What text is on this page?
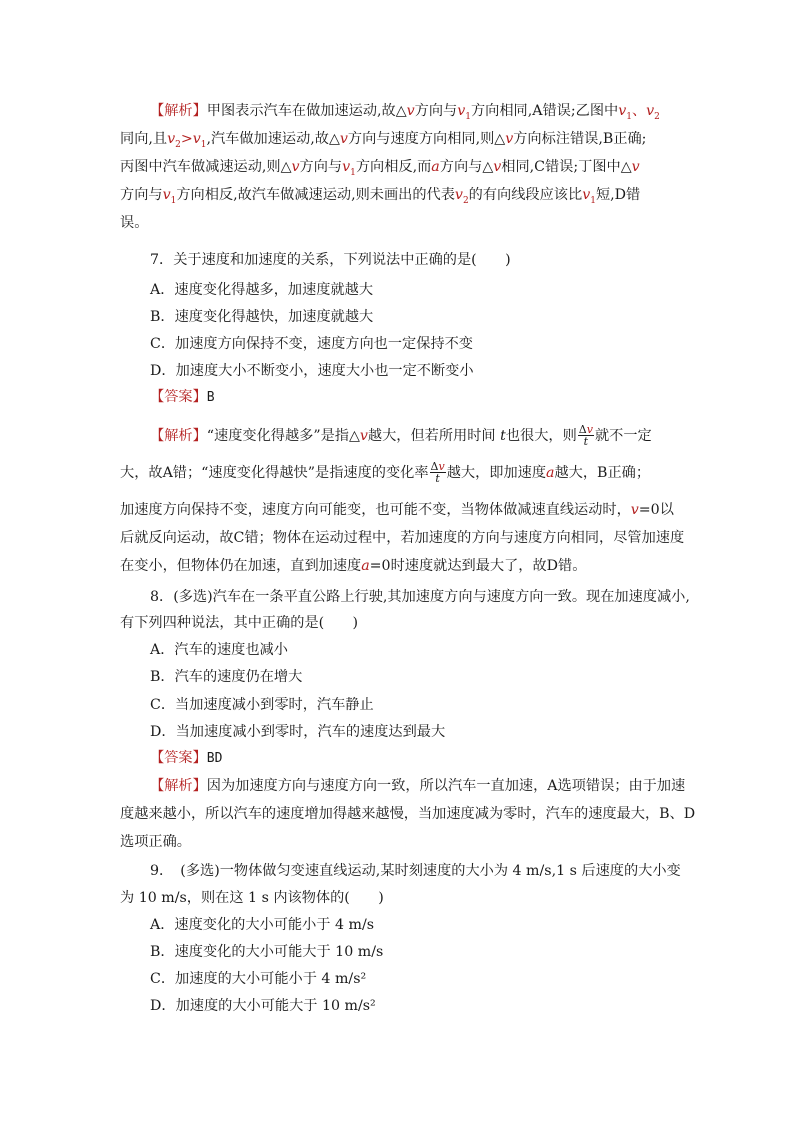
【解析】甲图表示汽车在做加速运动,故△v方向与$v_1$方向相同,A错误;乙图中$v_1$、$v_2$
同向,且$v_2>v_1$,汽车做加速运动,故△v方向与速度方向相同,则△v方向标注错误,B正确;
丙图中汽车做减速运动,则△v方向与$v_1$方向相反,而a方向与△v相同,C错误;丁图中△v
方向与$v_1$方向相反,故汽车做减速运动,则未画出的代表$v_2$的有向线段应该比$v_1$短,D错
误。
7．关于速度和加速度的关系，下列说法中正确的是(　　)
A．速度变化得越多，加速度就越大
B．速度变化得越快，加速度就越大
C．加速度方向保持不变，速度方向也一定保持不变
D．加速度大小不断变小，速度大小也一定不断变小
【答案】B
【解析】“速度变化得越多”是指△v越大，但若所用时间 t也很大，则 $\frac{\Delta v}{t}$ 就不一定
大，故A错；“速度变化得越快”是指速度的变化率 $\frac{\Delta v}{t}$ 越大，即加速度a越大，B正确；
加速度方向保持不变，速度方向可能变，也可能不变，当物体做减速直线运动时，v=0以
后就反向运动，故C错；物体在运动过程中，若加速度的方向与速度方向相同，尽管加速度
在变小，但物体仍在加速，直到加速度a=0时速度就达到最大了，故D错。
8．(多选)汽车在一条平直公路上行驶,其加速度方向与速度方向一致。现在加速度减小,
有下列四种说法，其中正确的是(　　)
A．汽车的速度也减小
B．汽车的速度仍在增大
C．当加速度减小到零时，汽车静止
D．当加速度减小到零时，汽车的速度达到最大
【答案】BD
【解析】因为加速度方向与速度方向一致，所以汽车一直加速，A选项错误；由于加速
度越来越小，所以汽车的速度增加得越来越慢，当加速度减为零时，汽车的速度最大，B、D
选项正确。
9．　(多选)一物体做匀变速直线运动,某时刻速度的大小为 4 m/s,1 s 后速度的大小变
为 10 m/s，则在这 1 s 内该物体的(　　)
A．速度变化的大小可能小于 4 m/s
B．速度变化的大小可能大于 10 m/s
C．加速度的大小可能小于 4 m/s²
D．加速度的大小可能大于 10 m/s²
